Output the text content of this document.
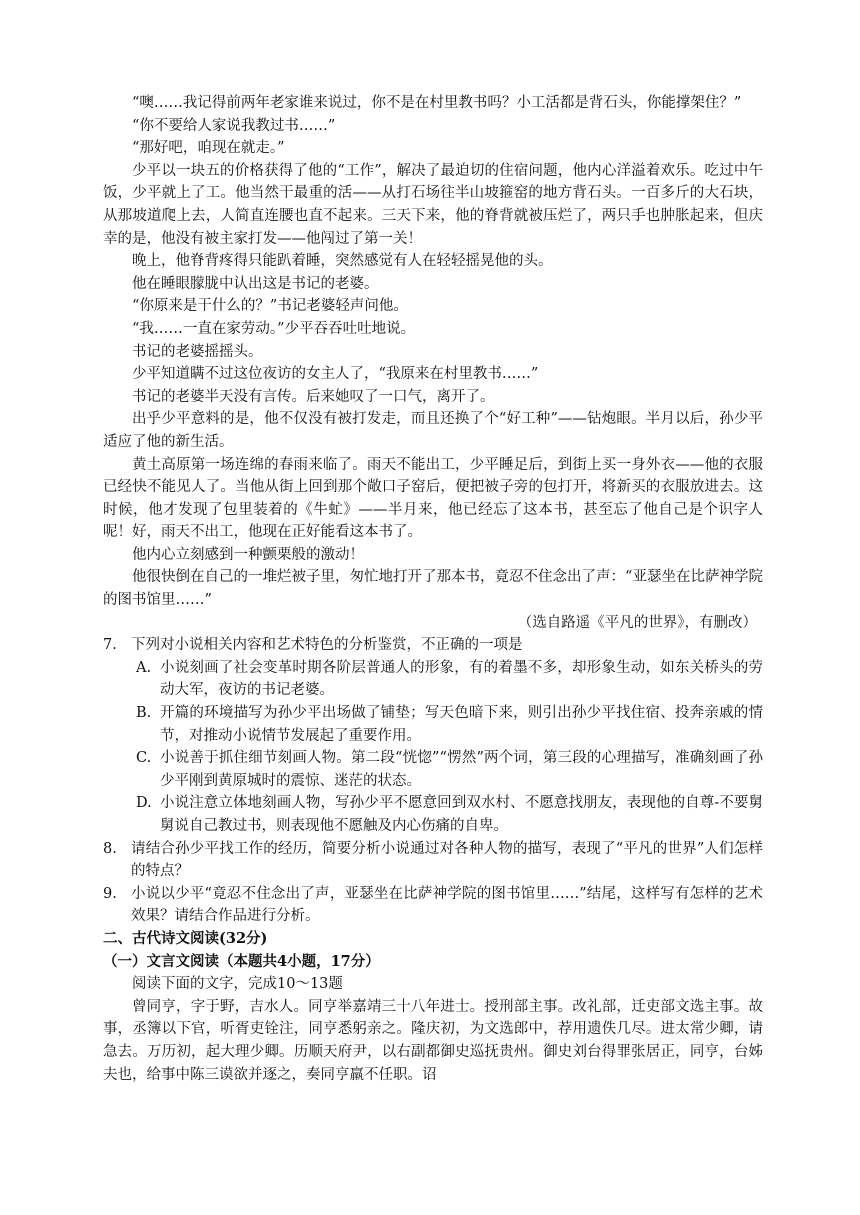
“噢……我记得前两年老家谁来说过，你不是在村里教书吗？小工活都是背石头，你能撑架住？”

“你不要给人家说我教过书……”

“那好吧，咱现在就走。”

少平以一块五的价格获得了他的“工作”，解决了最迫切的住宿问题，他内心洋溢着欢乐。吃过中午饭，少平就上了工。他当然干最重的活——从打石场往半山坡箍窑的地方背石头。一百多斤的大石块，从那坡道爬上去，人简直连腰也直不起来。三天下来，他的脊背就被压烂了，两只手也肿胀起来，但庆幸的是，他没有被主家打发——他闯过了第一关！

晚上，他脊背疼得只能趴着睡，突然感觉有人在轻轻摇晃他的头。

他在睡眼朦胧中认出这是书记的老婆。

“你原来是干什么的？”书记老婆轻声问他。

“我……一直在家劳动。”少平吞吞吐吐地说。

书记的老婆摇摇头。

少平知道瞒不过这位夜访的女主人了，“我原来在村里教书……”

书记的老婆半天没有言传。后来她叹了一口气，离开了。

出乎少平意料的是，他不仅没有被打发走，而且还换了个“好工种”——钻炮眼。半月以后，孙少平适应了他的新生活。

黄土高原第一场连绵的春雨来临了。雨天不能出工，少平睡足后，到街上买一身外衣——他的衣服已经快不能见人了。当他从街上回到那个敞口子窑后，便把被子旁的包打开，将新买的衣服放进去。这时候，他才发现了包里装着的《牛虻》——半月来，他已经忘了这本书，甚至忘了他自己是个识字人呢！好，雨天不出工，他现在正好能看这本书了。

他内心立刻感到一种颤栗般的激动！

他很快倒在自己的一堆烂被子里，匆忙地打开了那本书，竟忍不住念出了声：“亚瑟坐在比萨神学院的图书馆里……”

（选自路遥《平凡的世界》，有删改）

7. 下列对小说相关内容和艺术特色的分析鉴赏，不正确的一项是
A. 小说刻画了社会变革时期各阶层普通人的形象，有的着墨不多，却形象生动，如东关桥头的劳动大军，夜访的书记老婆。
B. 开篇的环境描写为孙少平出场做了铺垫；写天色暗下来，则引出孙少平找住宿、投奔亲戚的情节，对推动小说情节发展起了重要作用。
C. 小说善于抓住细节刻画人物。第二段“恍惚”“愣然”两个词，第三段的心理描写，准确刻画了孙少平刚到黄原城时的震惊、迷茫的状态。
D. 小说注意立体地刻画人物，写孙少平不愿意回到双水村、不愿意找朋友，表现他的自尊-不要舅舅说自己教过书，则表现他不愿触及内心伤痛的自卑。
8. 请结合孙少平找工作的经历，简要分析小说通过对各种人物的描写，表现了“平凡的世界”人们怎样的特点？
9. 小说以少平“竟忍不住念出了声，亚瑟坐在比萨神学院的图书馆里……”结尾，这样写有怎样的艺术效果？请结合作品进行分析。

二、古代诗文阅读(32分)

（一）文言文阅读（本题共4小题，17分）

阅读下面的文字，完成10～13题

曾同亨，字于野，吉水人。同亨举嘉靖三十八年进士。授刑部主事。改礼部，迁吏部文选主事。故事，丞簿以下官，听胥吏铨注，同亨悉躬亲之。隆庆初，为文选郎中，荐用遗佚几尽。进太常少卿，请急去。万历初，起大理少卿。历顺天府尹，以右副都御史巡抚贵州。御史刘台得罪张居正，同亨，台姊夫也，给事中陈三谟欲并逐之，奏同亨羸不任职。诏
